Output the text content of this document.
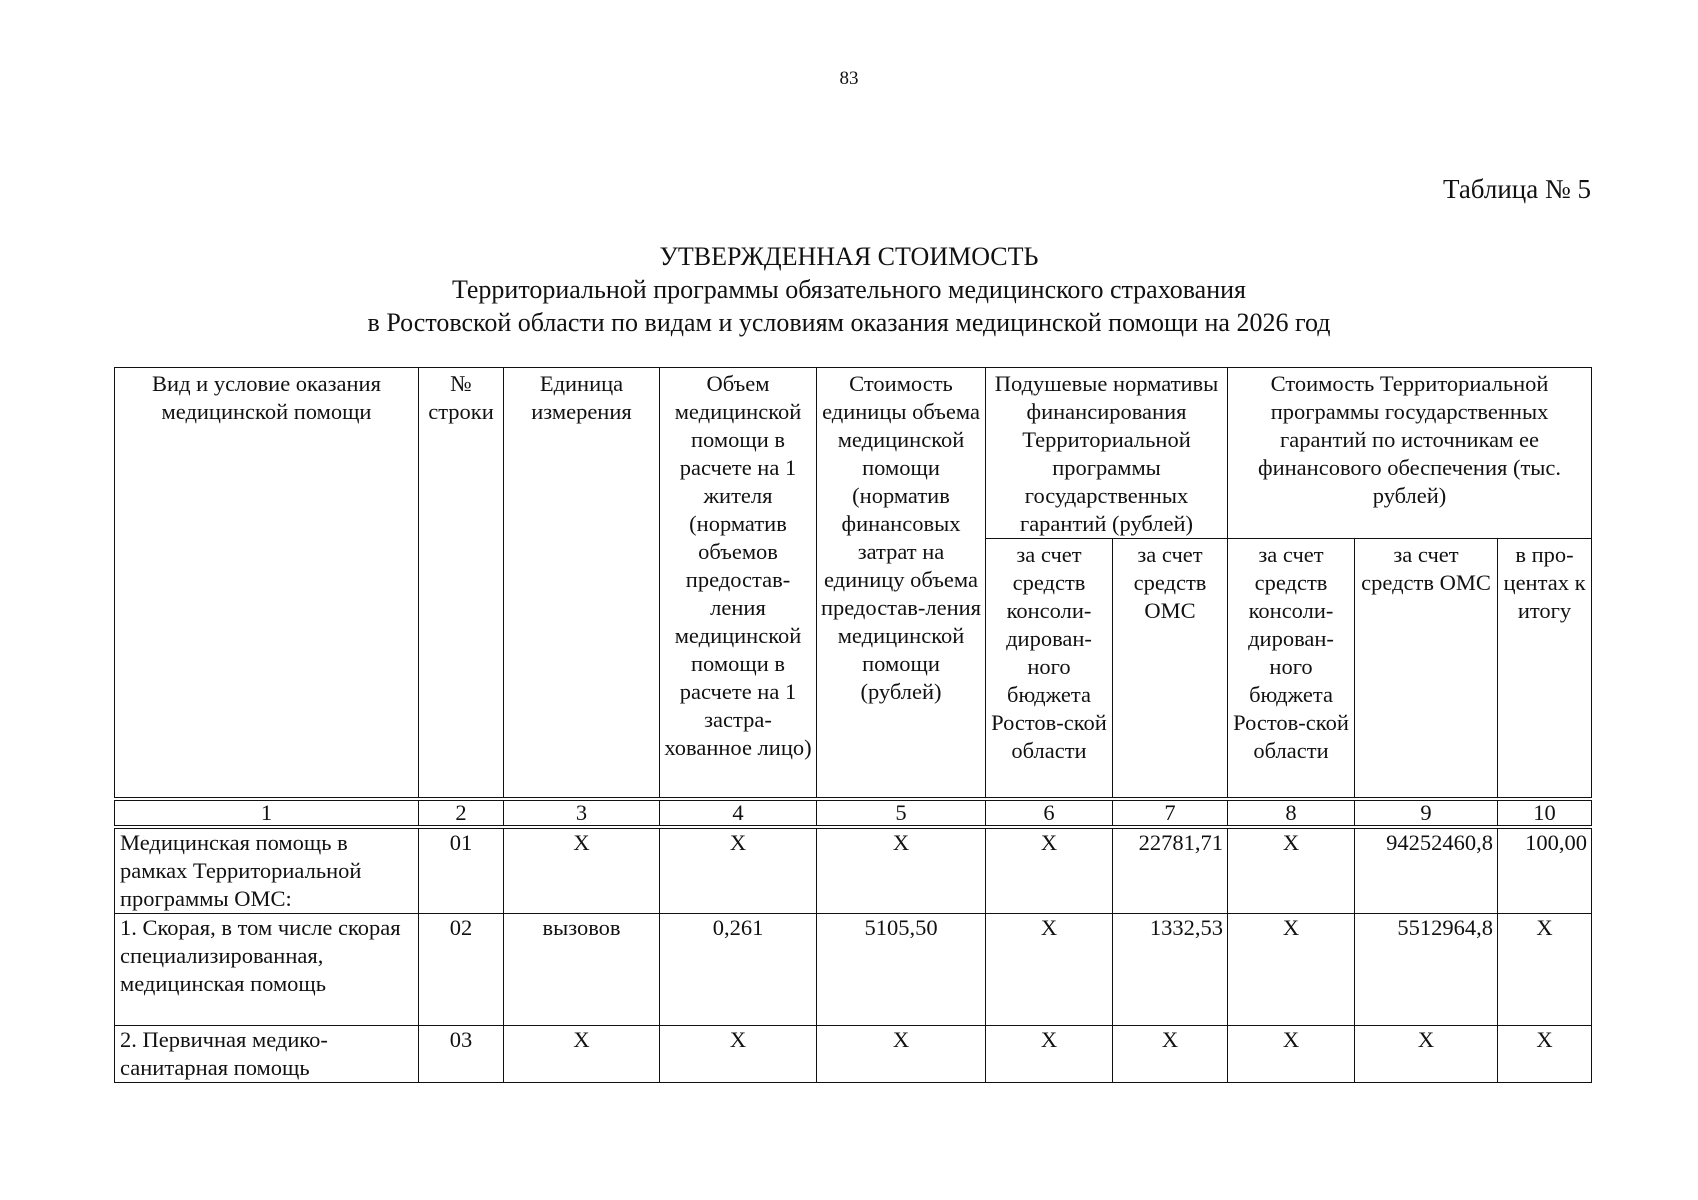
83
Таблица № 5
УТВЕРЖДЕННАЯ СТОИМОСТЬ
Территориальной программы обязательного медицинского страхования
в Ростовской области по видам и условиям оказания медицинской помощи на 2026 год
Вид и условие оказания медицинской помощи	№ строки	Единица измерения	Объем медицинской помощи в расчете на 1 жителя (норматив объемов предостав-ления медицинской помощи в расчете на 1 застра-хованное лицо)	Стоимость единицы объема медицинской помощи (норматив финансовых затрат на единицу объема предостав-ления медицинской помощи (рублей)	Подушевые нормативы финансирования Территориальной программы государственных гарантий (рублей)		Стоимость Территориальной программы государственных гарантий по источникам ее финансового обеспечения (тыс. рублей)		
					за счет средств консоли-дирован-ного бюджета Ростов-ской области	за счет средств ОМС	за счет средств консоли-дирован-ного бюджета Ростов-ской области	за счет средств ОМС	в про-центах к итогу
1	2	3	4	5	6	7	8	9	10
Медицинская помощь в рамках Территориальной программы ОМС:	01	X	X	X	X	22781,71	X	94252460,8	100,00
1. Скорая, в том числе скорая специализированная, медицинская помощь	02	вызовов	0,261	5105,50	X	1332,53	X	5512964,8	X
2. Первичная медико-санитарная помощь	03	X	X	X	X	X	X	X	X
